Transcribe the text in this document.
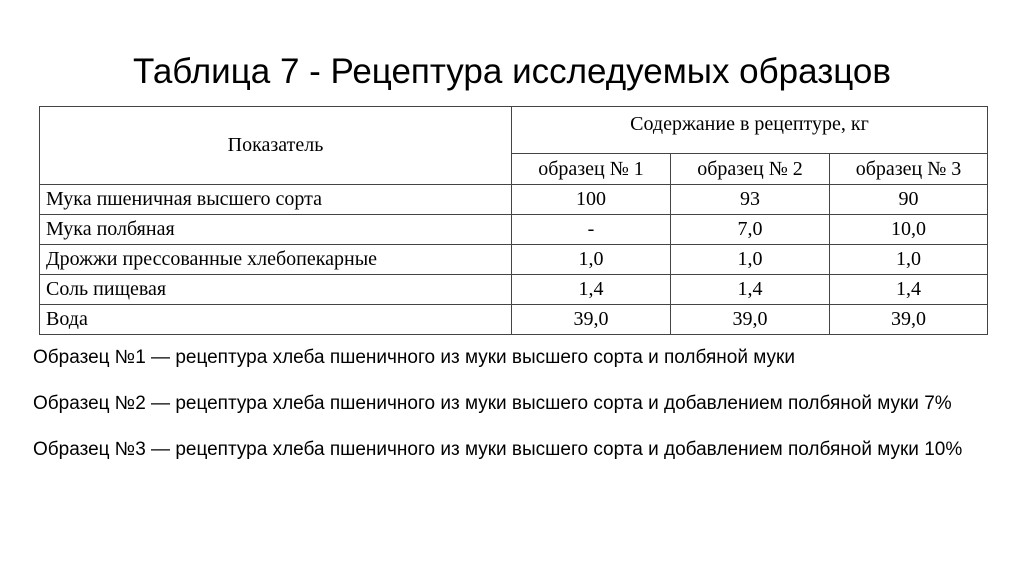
Таблица 7 - Рецептура исследуемых образцов
Показатель	Содержание в рецептуре, кг		
	образец № 1	образец № 2	образец № 3
Мука пшеничная высшего сорта	100	93	90
Мука полбяная	-	7,0	10,0
Дрожжи прессованные хлебопекарные	1,0	1,0	1,0
Соль пищевая	1,4	1,4	1,4
Вода	39,0	39,0	39,0

Образец №1 — рецептура хлеба пшеничного из муки высшего сорта и полбяной муки

Образец №2 — рецептура хлеба пшеничного из муки высшего сорта и добавлением полбяной муки 7%

Образец №3 — рецептура хлеба пшеничного из муки высшего сорта и добавлением полбяной муки 10%
